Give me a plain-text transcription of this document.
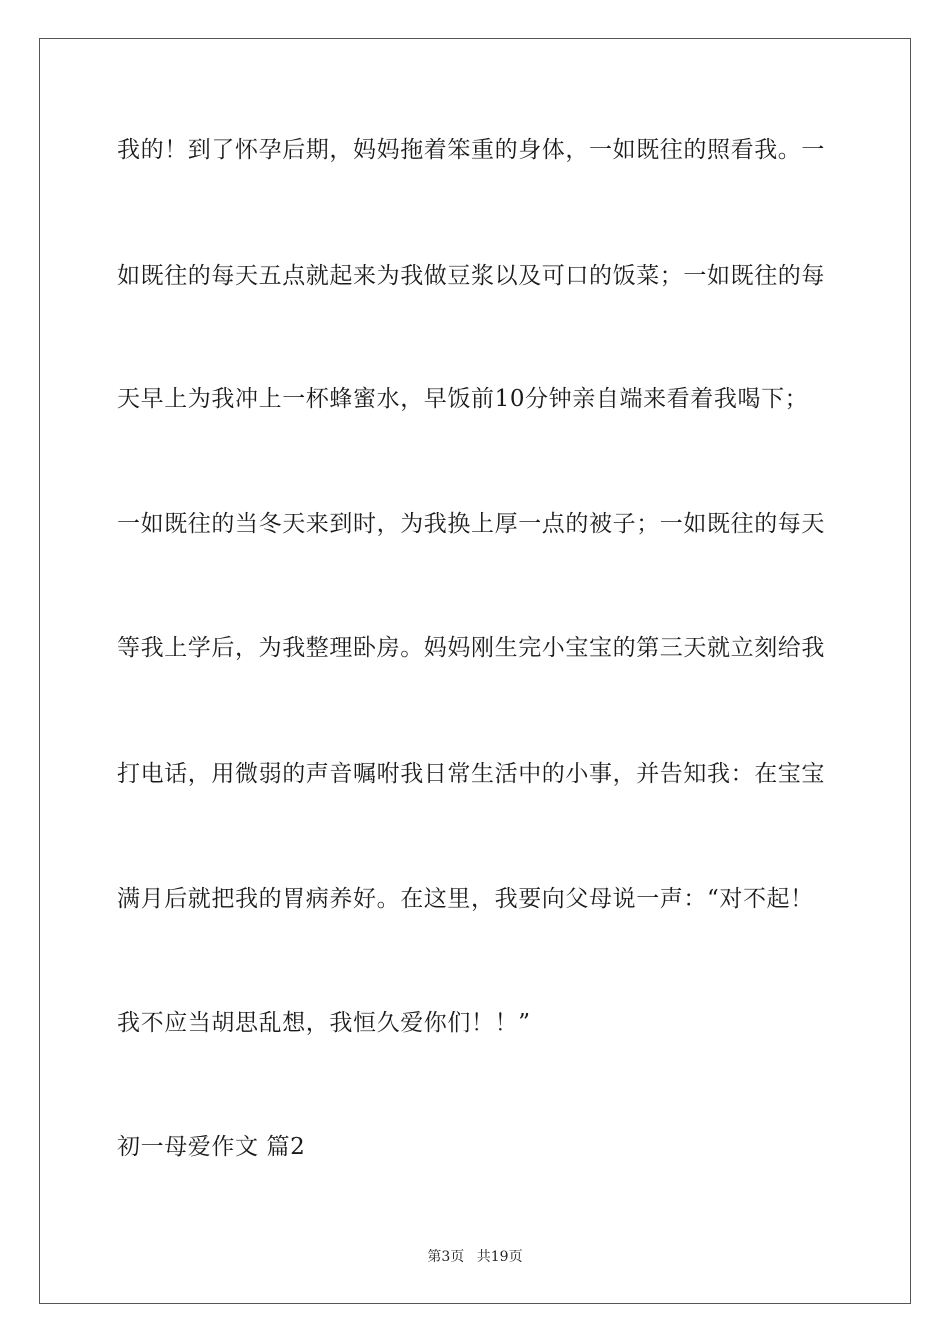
我的！到了怀孕后期，妈妈拖着笨重的身体，一如既往的照看我。一
如既往的每天五点就起来为我做豆浆以及可口的饭菜；一如既往的每
天早上为我冲上一杯蜂蜜水，早饭前10分钟亲自端来看着我喝下；
一如既往的当冬天来到时，为我换上厚一点的被子；一如既往的每天
等我上学后，为我整理卧房。妈妈刚生完小宝宝的第三天就立刻给我
打电话，用微弱的声音嘱咐我日常生活中的小事，并告知我：在宝宝
满月后就把我的胃病养好。在这里，我要向父母说一声：“对不起！
我不应当胡思乱想，我恒久爱你们！！”
初一母爱作文 篇2
第3页 共19页
